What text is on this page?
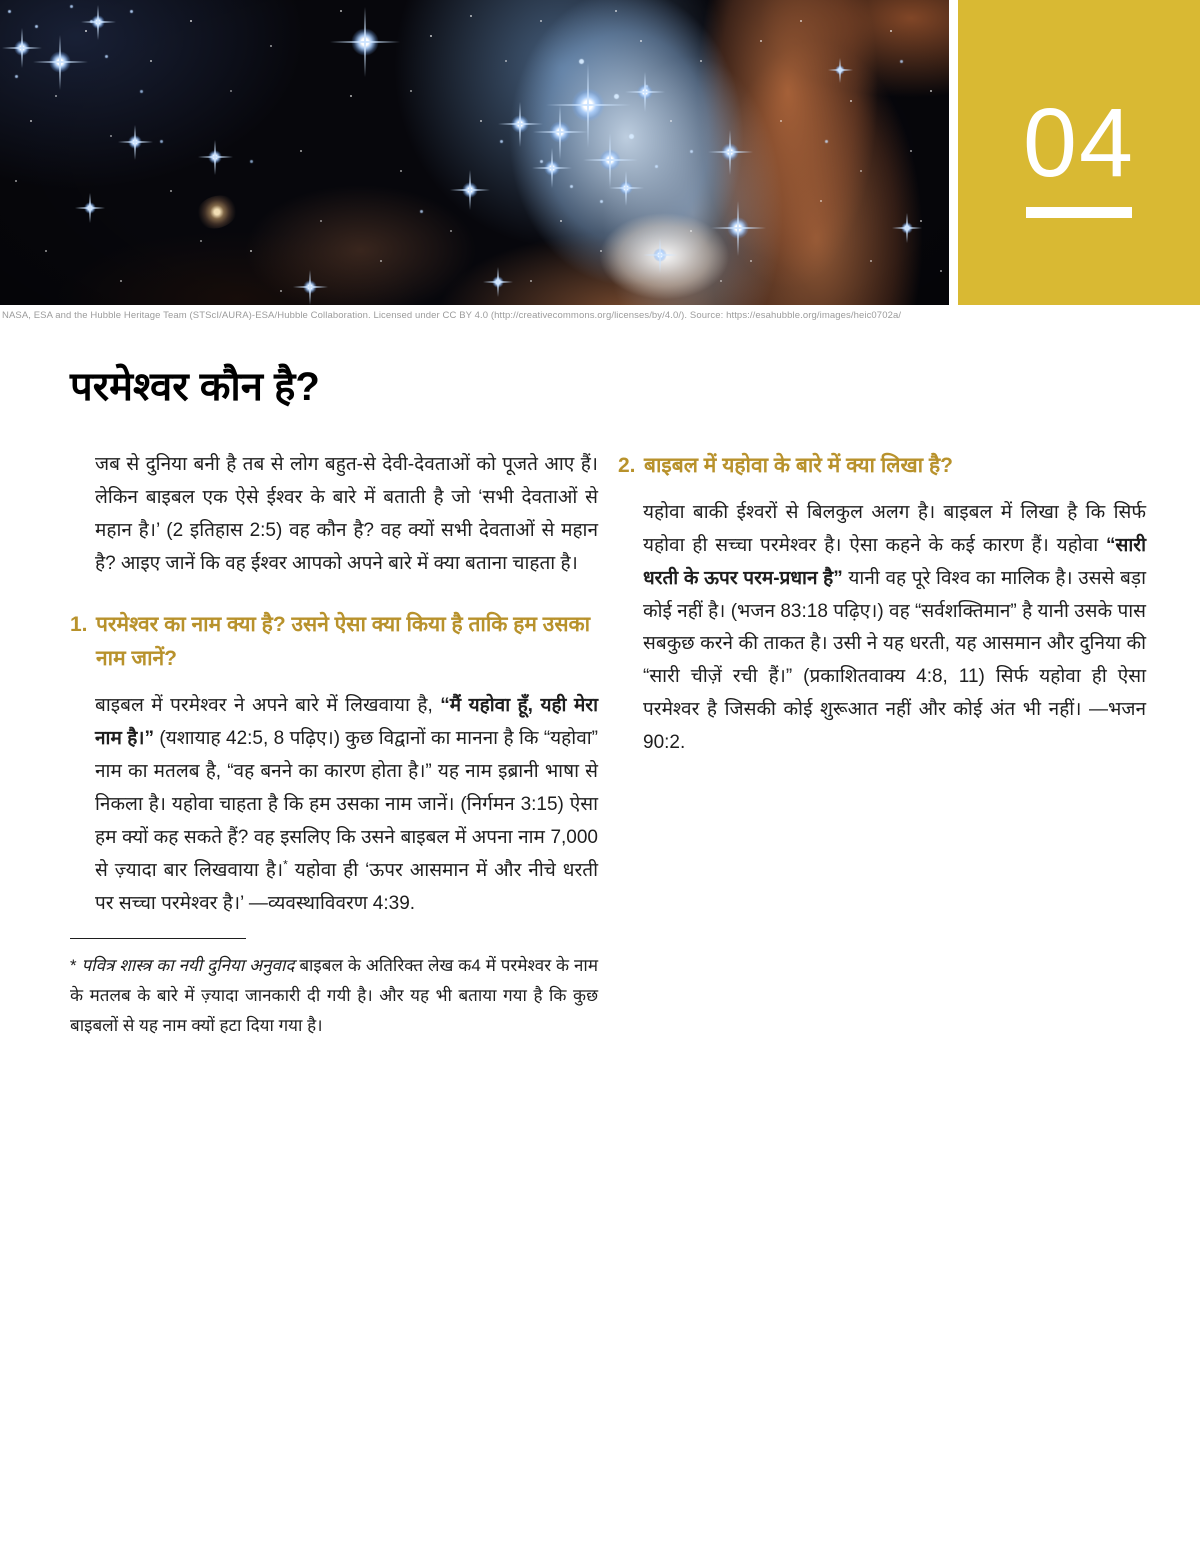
04
NASA, ESA and the Hubble Heritage Team (STScI/AURA)-ESA/Hubble Collaboration. Licensed under CC BY 4.0 (http://creativecommons.org/licenses/by/4.0/). Source: https://esahubble.org/images/heic0702a/
परमेश्वर कौन है?

जब से दुनिया बनी है तब से लोग बहुत-से देवी-देवताओं को पूजते आए हैं। लेकिन बाइबल एक ऐसे ईश्वर के बारे में बताती है जो ‘सभी देवताओं से महान है।’ (2 इतिहास 2:5) वह कौन है? वह क्यों सभी देवताओं से महान है? आइए जानें कि वह ईश्वर आपको अपने बारे में क्या बताना चाहता है।

1. परमेश्वर का नाम क्या है? उसने ऐसा क्या किया है ताकि हम उसका नाम जानें?

बाइबल में परमेश्वर ने अपने बारे में लिखवाया है, “मैं यहोवा हूँ, यही मेरा नाम है।” (यशायाह 42:5, 8 पढ़िए।) कुछ विद्वानों का मानना है कि “यहोवा” नाम का मतलब है, “वह बनने का कारण होता है।” यह नाम इब्रानी भाषा से निकला है। यहोवा चाहता है कि हम उसका नाम जानें। (निर्गमन 3:15) ऐसा हम क्यों कह सकते हैं? वह इसलिए कि उसने बाइबल में अपना नाम 7,000 से ज़्यादा बार लिखवाया है।* यहोवा ही ‘ऊपर आसमान में और नीचे धरती पर सच्चा परमेश्वर है।’ —व्यवस्थाविवरण 4:39.

* पवित्र शास्त्र का नयी दुनिया अनुवाद बाइबल के अतिरिक्त लेख क4 में परमेश्वर के नाम के मतलब के बारे में ज़्यादा जानकारी दी गयी है। और यह भी बताया गया है कि कुछ बाइबलों से यह नाम क्यों हटा दिया गया है।

2. बाइबल में यहोवा के बारे में क्या लिखा है?

यहोवा बाकी ईश्वरों से बिलकुल अलग है। बाइबल में लिखा है कि सिर्फ यहोवा ही सच्चा परमेश्वर है। ऐसा कहने के कई कारण हैं। यहोवा “सारी धरती के ऊपर परम-प्रधान है” यानी वह पूरे विश्व का मालिक है। उससे बड़ा कोई नहीं है। (भजन 83:18 पढ़िए।) वह “सर्वशक्तिमान” है यानी उसके पास सबकुछ करने की ताकत है। उसी ने यह धरती, यह आसमान और दुनिया की “सारी चीज़ें रची हैं।” (प्रकाशितवाक्य 4:8, 11) सिर्फ यहोवा ही ऐसा परमेश्वर है जिसकी कोई शुरूआत नहीं और कोई अंत भी नहीं। —भजन 90:2.
